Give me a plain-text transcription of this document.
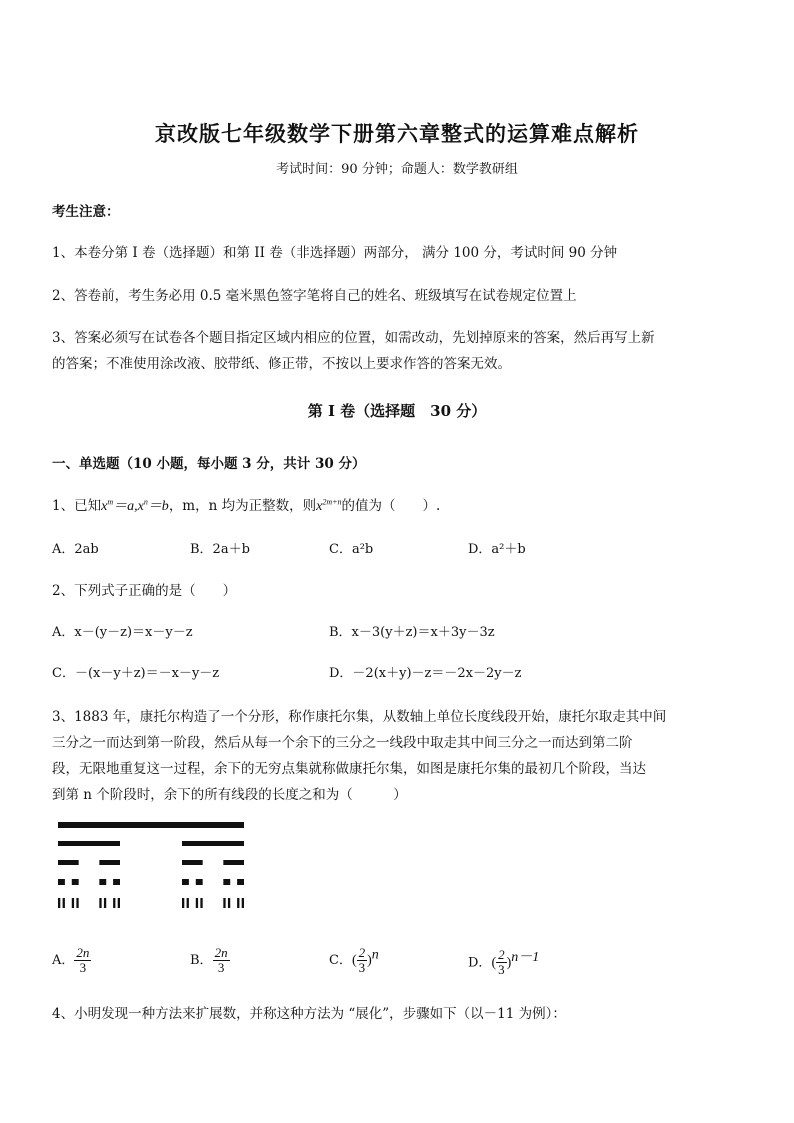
京改版七年级数学下册第六章整式的运算难点解析
考试时间：90 分钟；命题人：数学教研组
考生注意：
1、本卷分第 I 卷（选择题）和第 II 卷（非选择题）两部分， 满分 100 分，考试时间 90 分钟
2、答卷前，考生务必用 0.5 毫米黑色签字笔将自己的姓名、班级填写在试卷规定位置上
3、答案必须写在试卷各个题目指定区域内相应的位置，如需改动，先划掉原来的答案，然后再写上新
的答案；不准使用涂改液、胶带纸、修正带，不按以上要求作答的答案无效。
第 I 卷（选择题　30 分）
一、单选题（10 小题，每小题 3 分，共计 30 分）
1、已知$x^m=a,x^n=b$，m，n 均为正整数，则$x^{2m+n}$的值为（　　）.
A．2ab	B．2a＋b	C．a²b	D．a²＋b
2、下列式子正确的是（　　）
A．x－(y－z)＝x－y－z	B．x－3(y＋z)＝x＋3y－3z
C．－(x－y＋z)＝－x－y－z	D．－2(x＋y)－z＝－2x－2y－z
3、1883 年，康托尔构造了一个分形，称作康托尔集，从数轴上单位长度线段开始，康托尔取走其中间
三分之一而达到第一阶段，然后从每一个余下的三分之一线段中取走其中间三分之一而达到第二阶
段，无限地重复这一过程，余下的无穷点集就称做康托尔集，如图是康托尔集的最初几个阶段，当达
到第 n 个阶段时，余下的所有线段的长度之和为（　　　）
A． $\frac{2n}{3}$	B． $\frac{2n}{3}$	C．( $\frac{2}{3} )^n$
D．( $\frac{2}{3} )^{n-1}$
4、小明发现一种方法来扩展数，并称这种方法为 “展化”，步骤如下（以－11 为例）：
